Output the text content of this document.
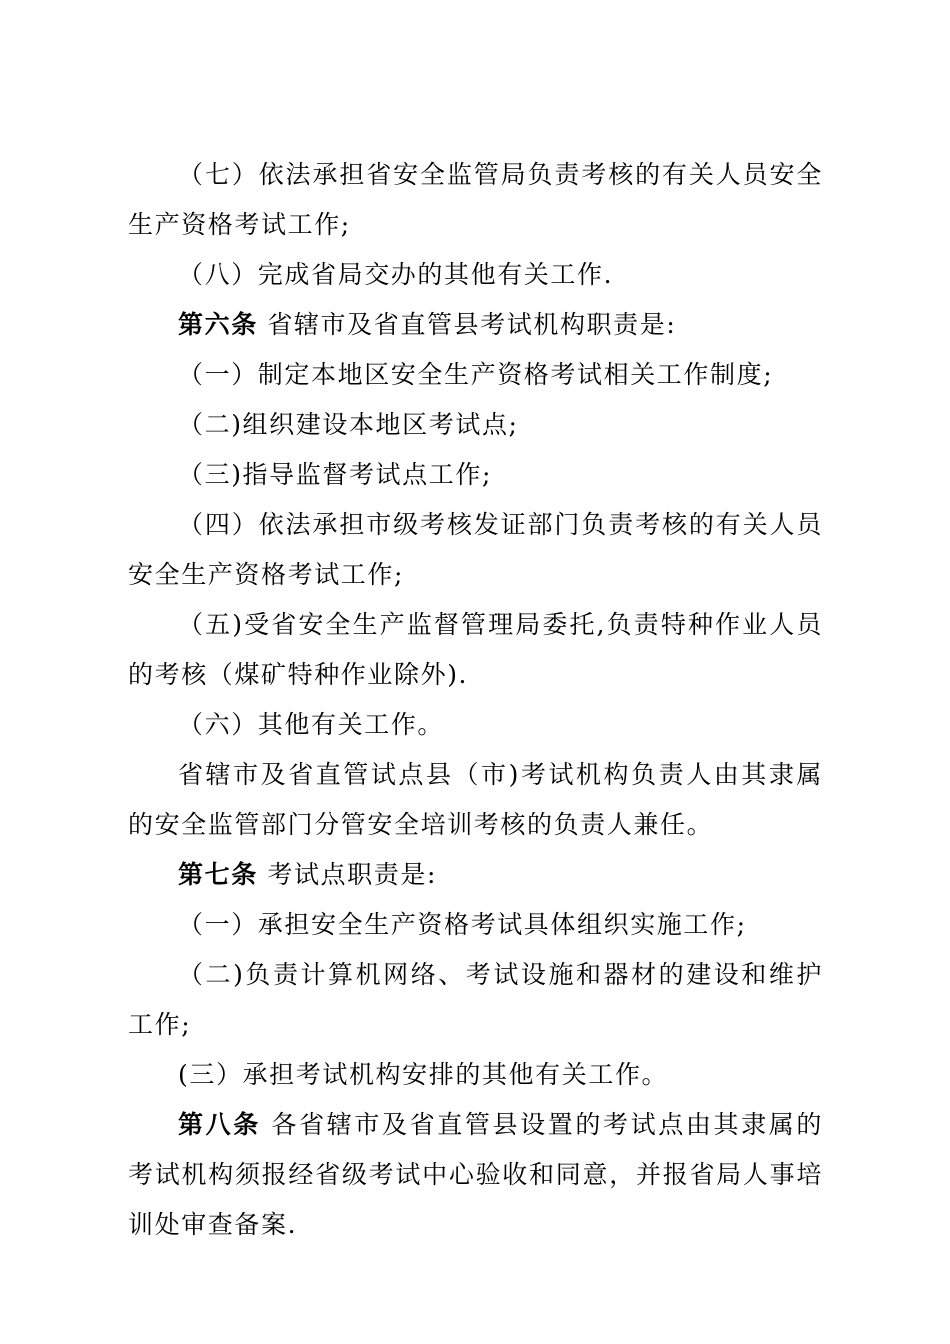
（七）依法承担省安全监管局负责考核的有关人员安全生产资格考试工作;

（八）完成省局交办的其他有关工作.

第六条 省辖市及省直管县考试机构职责是:

（一）制定本地区安全生产资格考试相关工作制度;

（二)组织建设本地区考试点;

（三)指导监督考试点工作;

（四）依法承担市级考核发证部门负责考核的有关人员安全生产资格考试工作;

（五)受省安全生产监督管理局委托,负责特种作业人员的考核（煤矿特种作业除外).

（六）其他有关工作。

省辖市及省直管试点县（市)考试机构负责人由其隶属的安全监管部门分管安全培训考核的负责人兼任。

第七条 考试点职责是:

（一）承担安全生产资格考试具体组织实施工作;

（二)负责计算机网络、考试设施和器材的建设和维护工作;

(三）承担考试机构安排的其他有关工作。

第八条 各省辖市及省直管县设置的考试点由其隶属的考试机构须报经省级考试中心验收和同意，并报省局人事培训处审查备案.
